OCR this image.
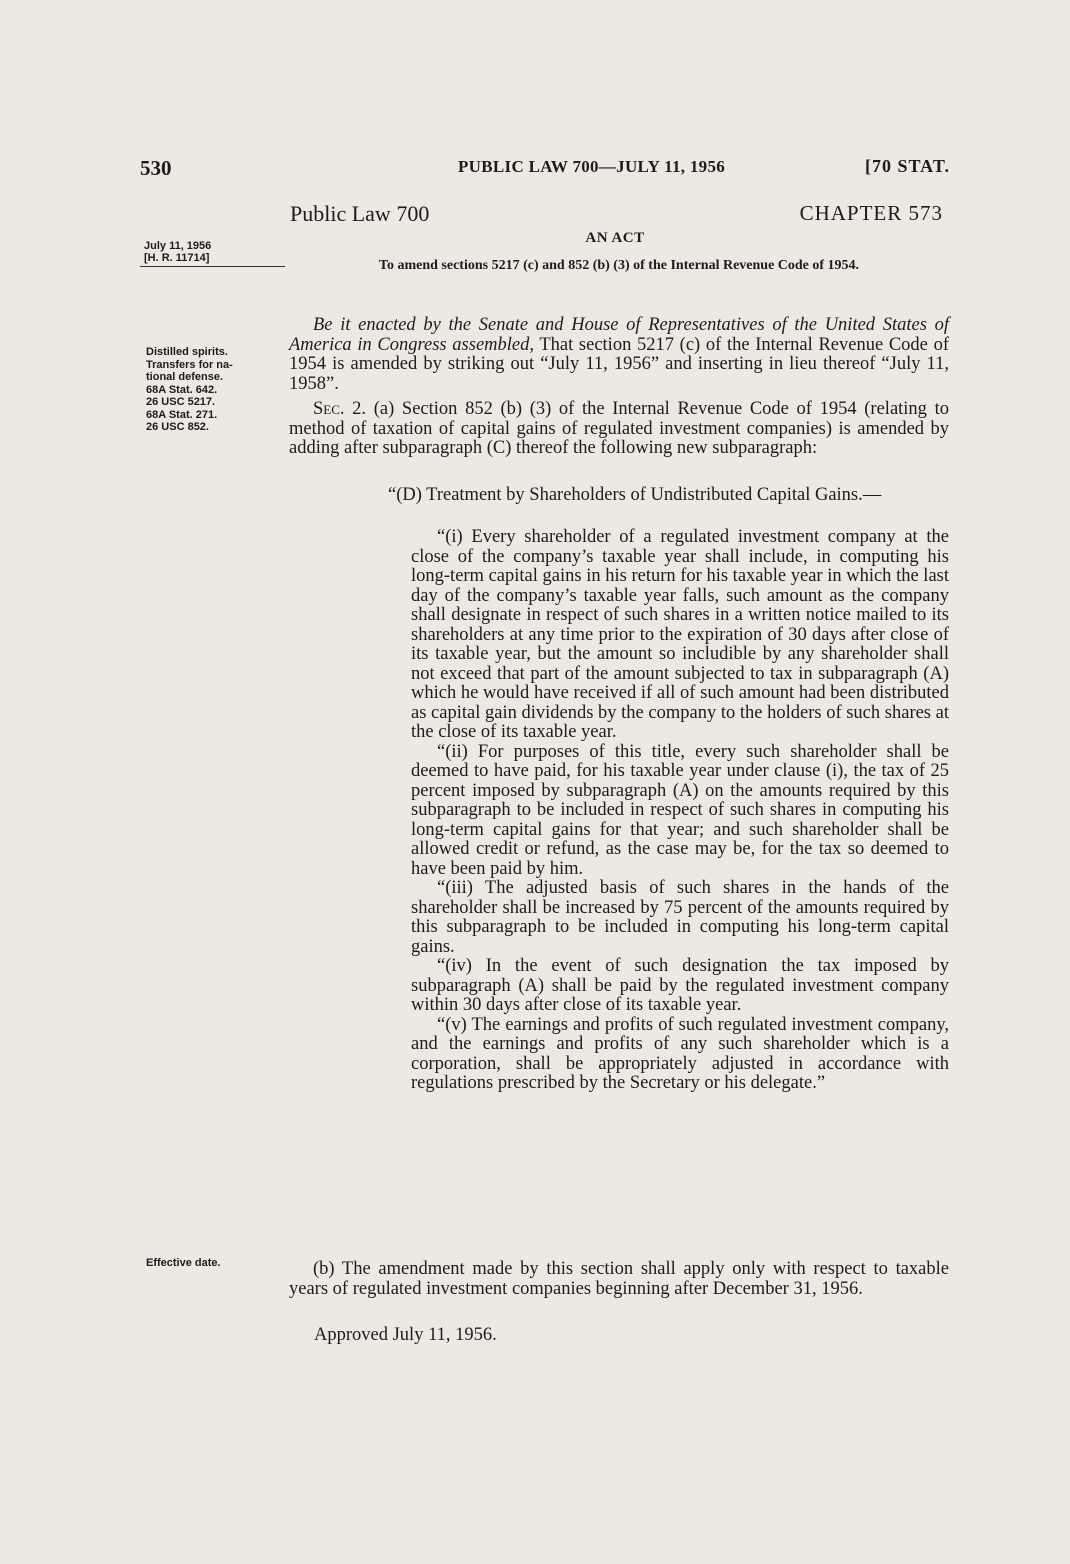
530	PUBLIC LAW 700—JULY 11, 1956	[70 STAT.
Public Law 700	CHAPTER 573
AN ACT
July 11, 1956
[H. R. 11714]	To amend sections 5217 (c) and 852 (b) (3) of the Internal Revenue Code of 1954.
Distilled spirits.
Transfers for na-
tional defense.
68A Stat. 642.
26 USC 5217.
68A Stat. 271.
26 USC 852.

Be it enacted by the Senate and House of Representatives of the United States of America in Congress assembled, That section 5217 (c) of the Internal Revenue Code of 1954 is amended by striking out “July 11, 1956” and inserting in lieu thereof “July 11, 1958”.

Sec. 2. (a) Section 852 (b) (3) of the Internal Revenue Code of 1954 (relating to method of taxation of capital gains of regulated investment companies) is amended by adding after subparagraph (C) thereof the following new subparagraph:

“(D) Treatment by Shareholders of Undistributed Capital Gains.—

“(i) Every shareholder of a regulated investment company at the close of the company’s taxable year shall include, in computing his long-term capital gains in his return for his taxable year in which the last day of the company’s taxable year falls, such amount as the company shall designate in respect of such shares in a written notice mailed to its shareholders at any time prior to the expiration of 30 days after close of its taxable year, but the amount so includible by any shareholder shall not exceed that part of the amount subjected to tax in subparagraph (A) which he would have received if all of such amount had been distributed as capital gain dividends by the company to the holders of such shares at the close of its taxable year.

“(ii) For purposes of this title, every such shareholder shall be deemed to have paid, for his taxable year under clause (i), the tax of 25 percent imposed by subparagraph (A) on the amounts required by this subparagraph to be included in respect of such shares in computing his long-term capital gains for that year; and such shareholder shall be allowed credit or refund, as the case may be, for the tax so deemed to have been paid by him.

“(iii) The adjusted basis of such shares in the hands of the shareholder shall be increased by 75 percent of the amounts required by this subparagraph to be included in computing his long-term capital gains.

“(iv) In the event of such designation the tax imposed by subparagraph (A) shall be paid by the regulated investment company within 30 days after close of its taxable year.

“(v) The earnings and profits of such regulated investment company, and the earnings and profits of any such shareholder which is a corporation, shall be appropriately adjusted in accordance with regulations prescribed by the Secretary or his delegate.”

Effective date.	(b) The amendment made by this section shall apply only with respect to taxable years of regulated investment companies beginning after December 31, 1956.

Approved July 11, 1956.
